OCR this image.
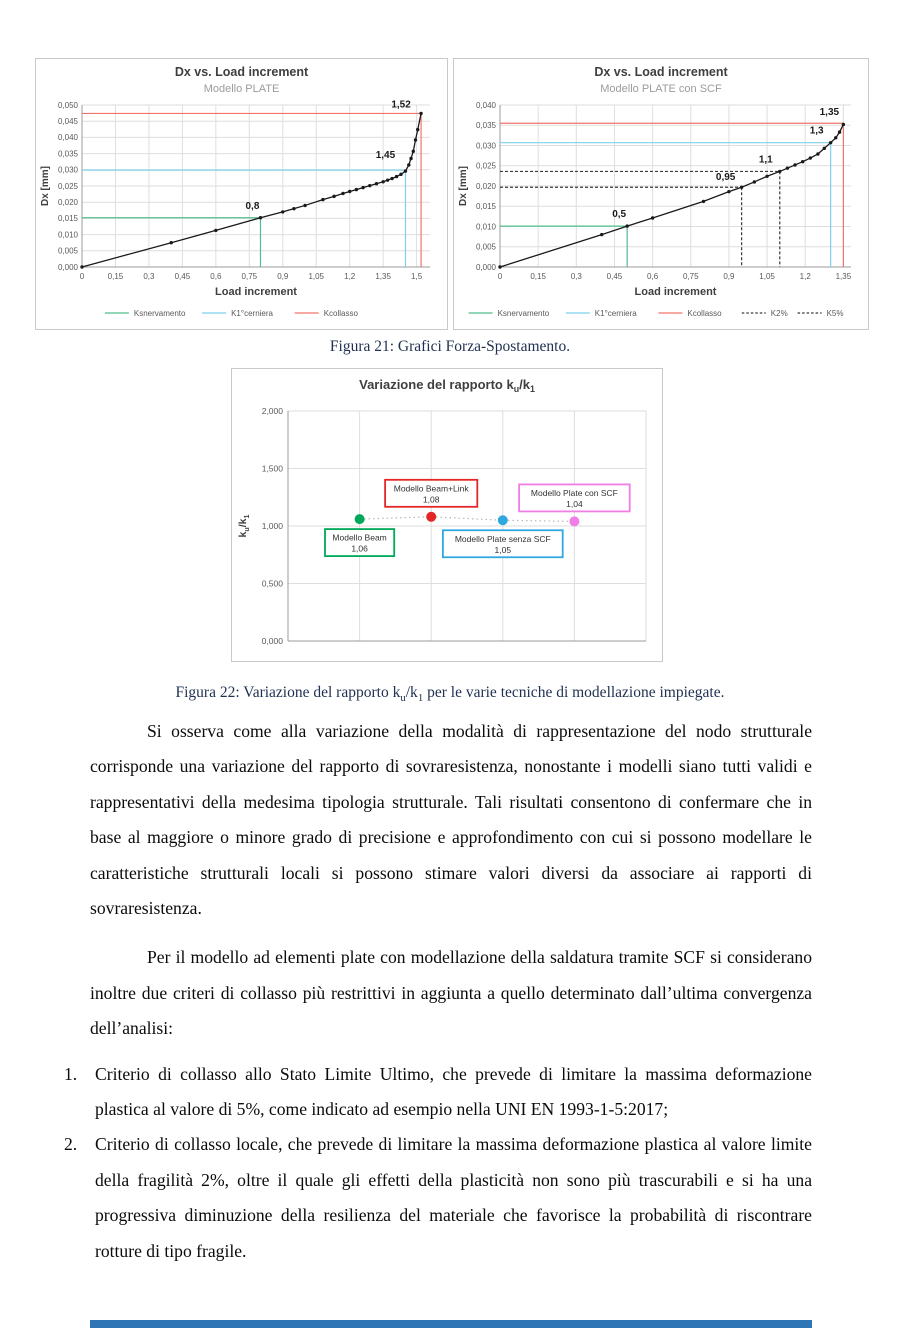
Dx vs. Load increment
Modello PLATE
0,000
0,005
0,010
0,015
0,020
0,025
0,030
0,035
0,040
0,045
0,050
0	0,15	0,3	0,45	0,6	0,75	0,9	1,05	1,2	1,35	1,5
0,8
1,45
1,52
Dx [mm]
Load increment
Ksnervamento	K1°cerniera	Kcollasso
Dx vs. Load increment
Modello PLATE con SCF
0,000
0,005
0,010
0,015
0,020
0,025
0,030
0,035
0,040
0	0,15	0,3	0,45	0,6	0,75	0,9	1,05	1,2	1,35
0,5
0,95
1,1
1,3
1,35
Dx [mm]
Load increment
Ksnervamento	K1°cerniera	Kcollasso	K2%	K5%

Figura 21: Grafici Forza-Spostamento.

Variazione del rapporto $k_u/k_1$
0,000
0,500
1,000
1,500
2,000
Modello Beam
1,06
Modello Beam+Link
1,08
Modello Plate senza SCF
1,05
Modello Plate con SCF
1,04
$k_u/k_1$

Figura 22: Variazione del rapporto $k_u/k_1$ per le varie tecniche di modellazione impiegate.

Si osserva come alla variazione della modalità di rappresentazione del nodo strutturale corrisponde una variazione del rapporto di sovraresistenza, nonostante i modelli siano tutti validi e rappresentativi della medesima tipologia strutturale. Tali risultati consentono di confermare che in base al maggiore o minore grado di precisione e approfondimento con cui si possono modellare le caratteristiche strutturali locali si possono stimare valori diversi da associare ai rapporti di sovraresistenza.

Per il modello ad elementi plate con modellazione della saldatura tramite SCF si considerano inoltre due criteri di collasso più restrittivi in aggiunta a quello determinato dall’ultima convergenza dell’analisi:

1.	Criterio di collasso allo Stato Limite Ultimo, che prevede di limitare la massima deformazione plastica al valore di 5%, come indicato ad esempio nella UNI EN 1993-1-5:2017;
2.	Criterio di collasso locale, che prevede di limitare la massima deformazione plastica al valore limite della fragilità 2%, oltre il quale gli effetti della plasticità non sono più trascurabili e si ha una progressiva diminuzione della resilienza del materiale che favorisce la probabilità di riscontrare rotture di tipo fragile.
